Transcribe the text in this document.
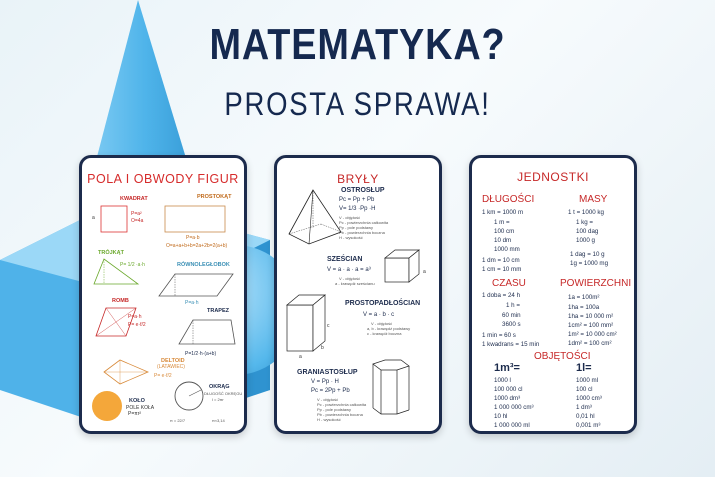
MATEMATYKA?
PROSTA SPRAWA!
POLA I OBWODY FIGUR
KWADRAT
a
P=a²
O=4a
PROSTOKĄT
P=a·b
O=a+a+b+b=2a+2b=2(a+b)
TRÓJKĄT
P= 1/2 ·a·h	RÓWNOLEGŁOBOK
P=a·h
ROMB
P=a·h
P= e·f/2
TRAPEZ
P=1/2·h·(a+b)
DELTOID
(LATAWIEC)
P= e·f/2
KOŁO
POLE KOŁA
P=πr²
OKRĄG
DŁUGOŚĆ OKRĘGU
l = 2πr
π = 22/7	π≈3,14
BRYŁY
OSTROSŁUP
Pc = Pp + Pb
V= 1/3 ·Pp ·H
V - objętość
Pc - powierzchnia całkowita
Pp - pole podstawy
Pb - powierzchnia boczna
H - wysokość
SZEŚCIAN
V = a · a · a = a³
V - objętość
a - krawędź sześcianu
a
c
b
a
PROSTOPADŁOŚCIAN
V = a · b · c
V - objętość
a, b - krawędź podstawy
c - krawędź boczna
GRANIASTOSŁUP
V = Pp · H
Pc = 2Pp + Pb
V - objętość
Pc - powierzchnia całkowita
Pp - pole podstawy
Pb - powierzchnia boczna
H - wysokość
JEDNOSTKI
DŁUGOŚCI
1 km = 1000 m
1 m =
100 cm
10 dm
1000 mm
1 dm = 10 cm
1 cm = 10 mm
MASY
1 t = 1000 kg
1 kg =
100 dag
1000 g
1 dag = 10 g
1g = 1000 mg
CZASU
1 doba = 24 h
1 h =
60 min
3600 s
1 min = 60 s
1 kwadrans = 15 min
POWIERZCHNI
1a = 100m²
1ha = 100a
1ha = 10 000 m²
1cm² = 100 mm²
1m² = 10 000 cm²
1dm² = 100 cm²
OBJĘTOŚCI
1m³=	1l=
1000 l
100 000 cl
1000 dm³
1 000 000 cm³
10 hl
1 000 000 ml
1000 ml
100 cl
1000 cm³
1 dm³
0,01 hl
0,001 m³
